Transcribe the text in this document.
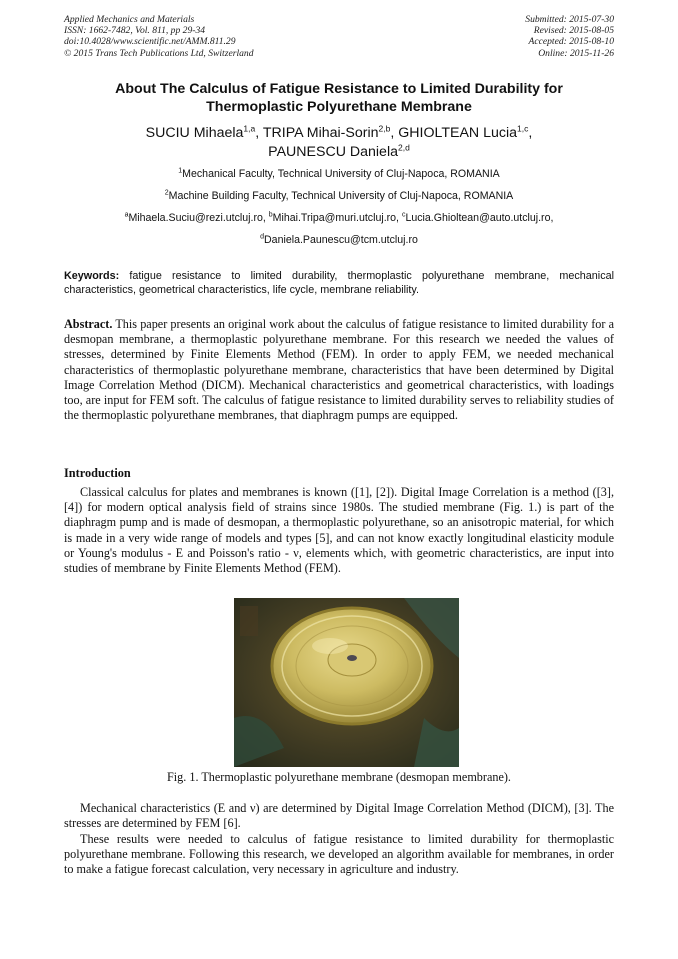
Applied Mechanics and Materials
ISSN: 1662-7482, Vol. 811, pp 29-34
doi:10.4028/www.scientific.net/AMM.811.29
© 2015 Trans Tech Publications Ltd, Switzerland
Submitted: 2015-07-30
Revised: 2015-08-05
Accepted: 2015-08-10
Online: 2015-11-26
About The Calculus of Fatigue Resistance to Limited Durability for
Thermoplastic Polyurethane Membrane
SUCIU Mihaela$^{1,a}$, TRIPA Mihai-Sorin$^{2,b}$, GHIOLTEAN Lucia$^{1,c}$,
PAUNESCU Daniela$^{2,d}$
$^1$Mechanical Faculty, Technical University of Cluj-Napoca, ROMANIA
$^2$Machine Building Faculty, Technical University of Cluj-Napoca, ROMANIA
$^a$Mihaela.Suciu@rezi.utcluj.ro, $^b$Mihai.Tripa@muri.utcluj.ro, $^c$Lucia.Ghioltean@auto.utcluj.ro,
$^d$Daniela.Paunescu@tcm.utcluj.ro
Keywords: fatigue resistance to limited durability, thermoplastic polyurethane membrane, mechanical characteristics, geometrical characteristics, life cycle, membrane reliability.
Abstract. This paper presents an original work about the calculus of fatigue resistance to limited durability for a desmopan membrane, a thermoplastic polyurethane membrane. For this research we needed the values of stresses, determined by Finite Elements Method (FEM). In order to apply FEM, we needed mechanical characteristics of thermoplastic polyurethane membrane, characteristics that have been determined by Digital Image Correlation Method (DICM). Mechanical characteristics and geometrical characteristics, with loadings too, are input for FEM soft. The calculus of fatigue resistance to limited durability serves to reliability studies of the thermoplastic polyurethane membranes, that diaphragm pumps are equipped.
Introduction
Classical calculus for plates and membranes is known ([1], [2]). Digital Image Correlation is a method ([3], [4]) for modern optical analysis field of strains since 1980s. The studied membrane (Fig. 1.) is part of the diaphragm pump and is made of desmopan, a thermoplastic polyurethane, so an anisotropic material, for which is made in a very wide range of models and types [5], and can not know exactly longitudinal elasticity module or Young's modulus - E and Poisson's ratio - ν, elements which, with geometric characteristics, are input into studies of membrane by Finite Elements Method (FEM).
Fig. 1. Thermoplastic polyurethane membrane (desmopan membrane).
Mechanical characteristics (E and ν) are determined by Digital Image Correlation Method (DICM), [3]. The stresses are determined by FEM [6].
These results were needed to calculus of fatigue resistance to limited durability for thermoplastic polyurethane membrane. Following this research, we developed an algorithm available for membranes, in order to make a fatigue forecast calculation, very necessary in agriculture and industry.
